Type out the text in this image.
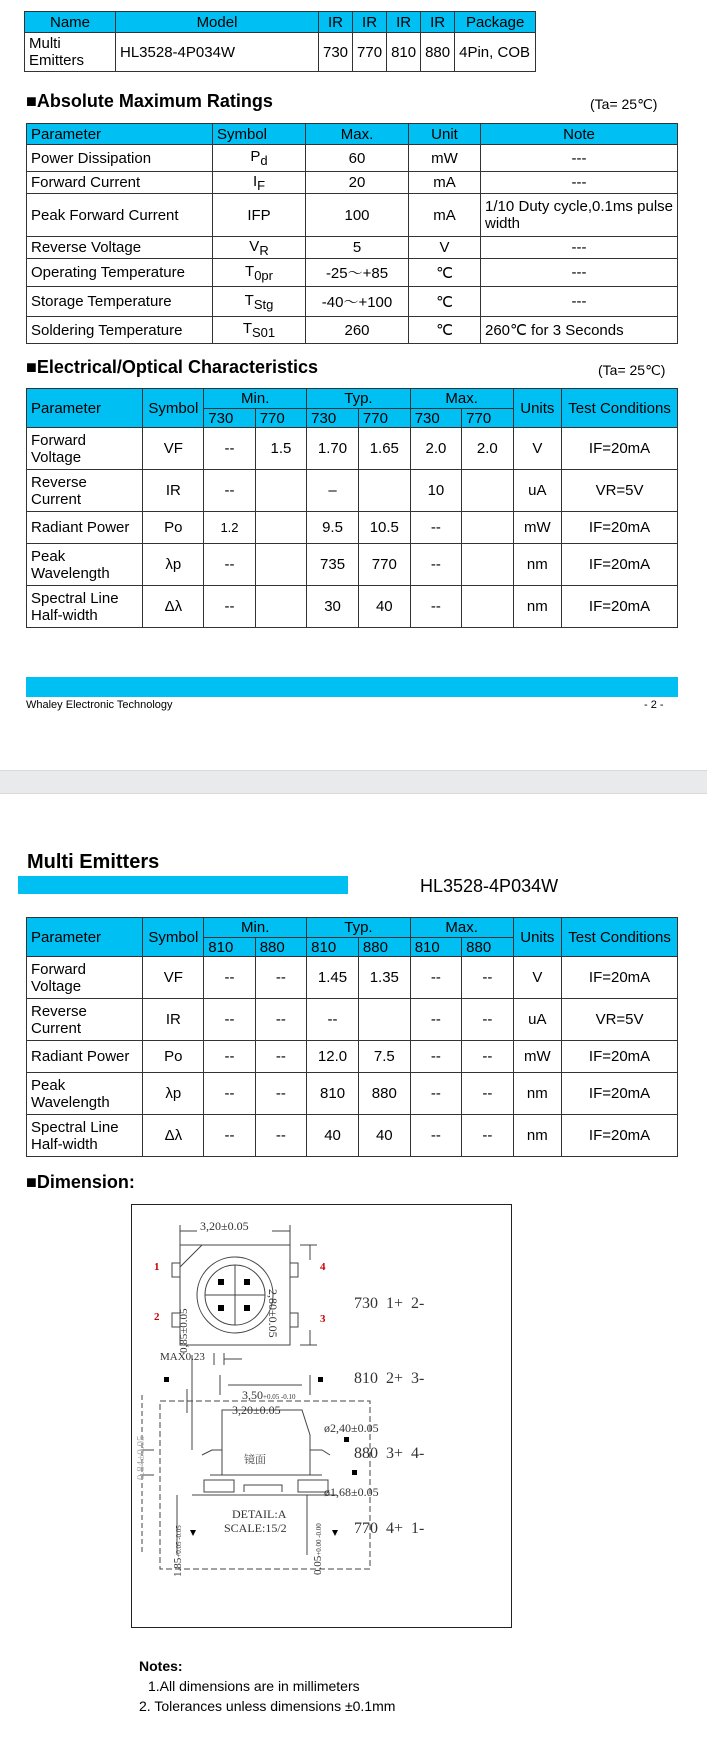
Name	Model	IR	IR	IR	IR	Package
Multi Emitters	HL3528-4P034W	730	770	810	880	4Pin, COB
■Absolute Maximum Ratings	(Ta= 25℃)
Parameter	Symbol	Max.	Unit	Note
Power Dissipation	$P_d$	60	mW	---
Forward Current	$I_F$	20	mA	---
Peak Forward Current	IFP	100	mA	1/10 Duty cycle,0.1ms pulse width
Reverse Voltage	$V_R$	5	V	---
Operating Temperature	$T_{0pr}$	-25～+85	℃	---
Storage Temperature	$T_{Stg}$	-40～+100	℃	---
Soldering Temperature	$T_{S01}$	260	℃	260℃ for 3 Seconds
■Electrical/Optical Characteristics	(Ta= 25℃)
Parameter	Symbol	Min.		Typ.		Max.		Units	Test Conditions
		730	770	730	770	730	770		
Forward Voltage	VF	--	1.5	1.70	1.65	2.0	2.0	V	IF=20mA
Reverse Current	IR	--		–		10		uA	VR=5V
Radiant Power	Po	1.2		9.5	10.5	--		mW	IF=20mA
Peak Wavelength	λp	--		735	770	--		nm	IF=20mA
Spectral Line Half-width	Δλ	--		30	40	--		nm	IF=20mA
Whaley Electronic Technology	- 2 -
Multi Emitters
HL3528-4P034W
Parameter	Symbol	Min.		Typ.		Max.		Units	Test Conditions
		810	880	810	880	810	880		
Forward Voltage	VF	--	--	1.45	1.35	--	--	V	IF=20mA
Reverse Current	IR	--	--	--		--	--	uA	VR=5V
Radiant Power	Po	--	--	12.0	7.5	--	--	mW	IF=20mA
Peak Wavelength	λp	--	--	810	880	--	--	nm	IF=20mA
Spectral Line Half-width	Δλ	--	--	40	40	--	--	nm	IF=20mA
■Dimension:
3,20±0.05
2,80±0.05
MAX0.23
1
2	3
4

730  1+  2-

810  2+  3-

880  3+  4-

770  4+  1-

3,50+0.05 -0.10
3,20±0.05
0,85±0.05
0.84±0.05
ø2,40±0.05
ø1,68±0.05
镜面
DETAIL:A
SCALE:15/2
1.85+0.05 -0.05
0.05+0.00 -0.00
Notes:
1.All dimensions are in millimeters
2. Tolerances unless dimensions ±0.1mm
